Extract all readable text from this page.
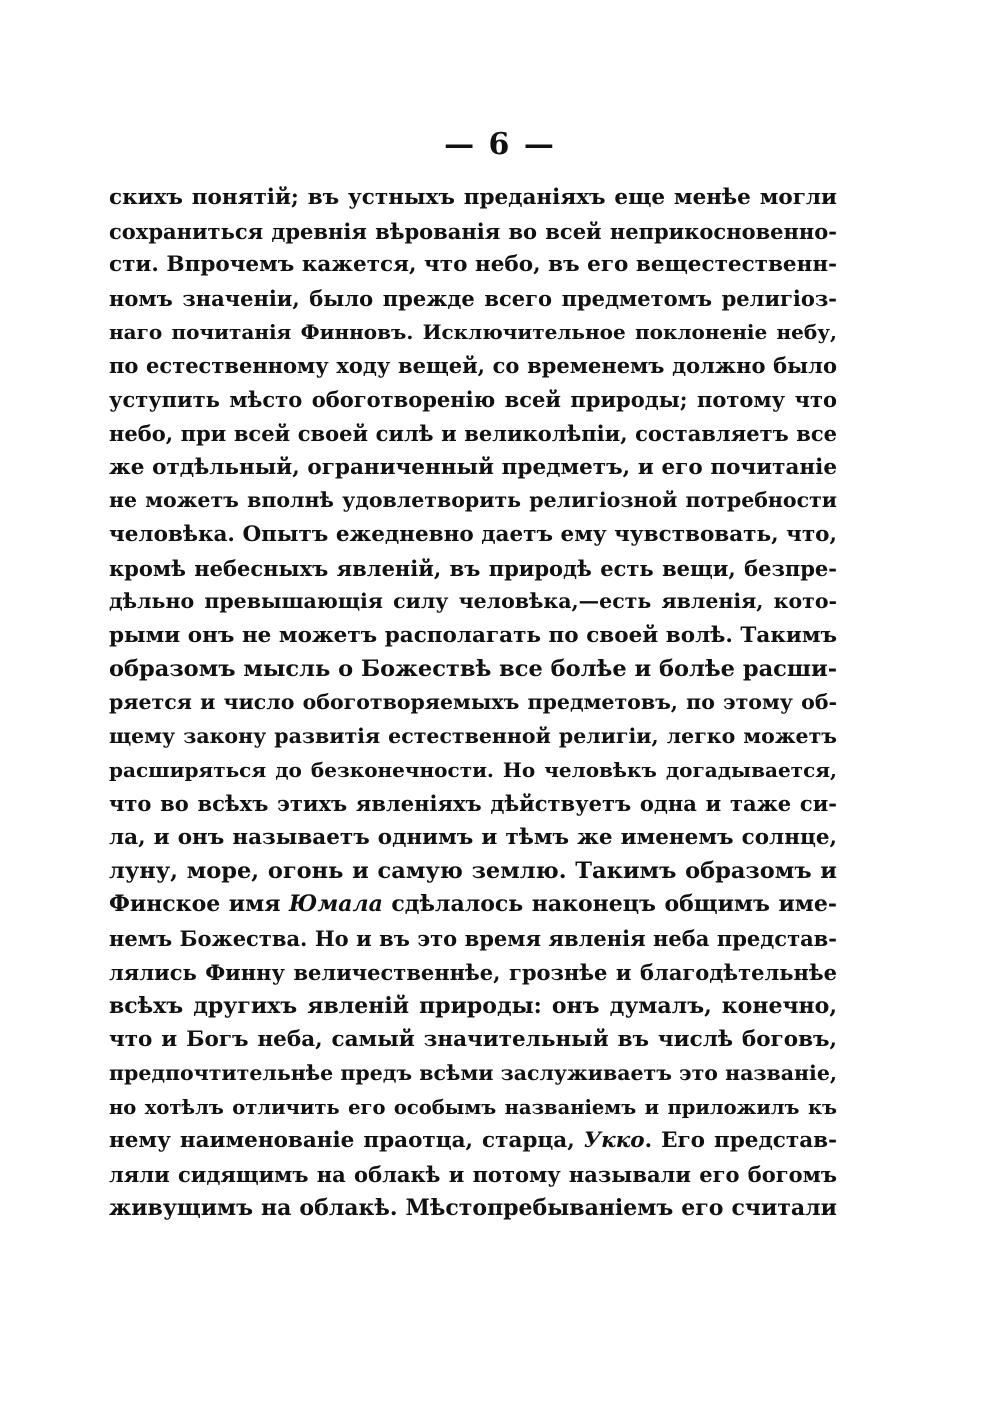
— 6 —
скихъ понятій; въ устныхъ преданіяхъ еще менѣе могли
сохраниться древнія вѣрованія во всей неприкосновенно-
сти. Впрочемъ кажется, что небо, въ его вещестественн-
номъ значеніи, было прежде всего предметомъ религіоз-
наго почитанія Финновъ. Исключительное поклоненіе небу,
по естественному ходу вещей, со временемъ должно было
уступить мѣсто обоготворенію всей природы; потому что
небо, при всей своей силѣ и великолѣпіи, составляетъ все
же отдѣльный, ограниченный предметъ, и его почитаніе
не можетъ вполнѣ удовлетворить религіозной потребности
человѣка. Опытъ ежедневно даетъ ему чувствовать, что,
кромѣ небесныхъ явленій, въ природѣ есть вещи, безпре-
дѣльно превышающія силу человѣка,—есть явленія, кото-
рыми онъ не можетъ располагать по своей волѣ. Такимъ
образомъ мысль о Божествѣ все болѣе и болѣе расши-
ряется и число обоготворяемыхъ предметовъ, по этому об-
щему закону развитія естественной религіи, легко можетъ
расширяться до безконечности. Но человѣкъ догадывается,
что во всѣхъ этихъ явленіяхъ дѣйствуетъ одна и таже си-
ла, и онъ называетъ однимъ и тѣмъ же именемъ солнце,
луну, море, огонь и самую землю. Такимъ образомъ и
Финское имя Юмала сдѣлалось наконецъ общимъ име-
немъ Божества. Но и въ это время явленія неба представ-
лялись Финну величественнѣе, грознѣе и благодѣтельнѣе
всѣхъ другихъ явленій природы: онъ думалъ, конечно,
что и Богъ неба, самый значительный въ числѣ боговъ,
предпочтительнѣе предъ всѣми заслуживаетъ это названіе,
но хотѣлъ отличить его особымъ названіемъ и приложилъ къ
нему наименованіе праотца, старца, Укко. Его представ-
ляли сидящимъ на облакѣ и потому называли его богомъ
живущимъ на облакѣ. Мѣстопребываніемъ его считали
